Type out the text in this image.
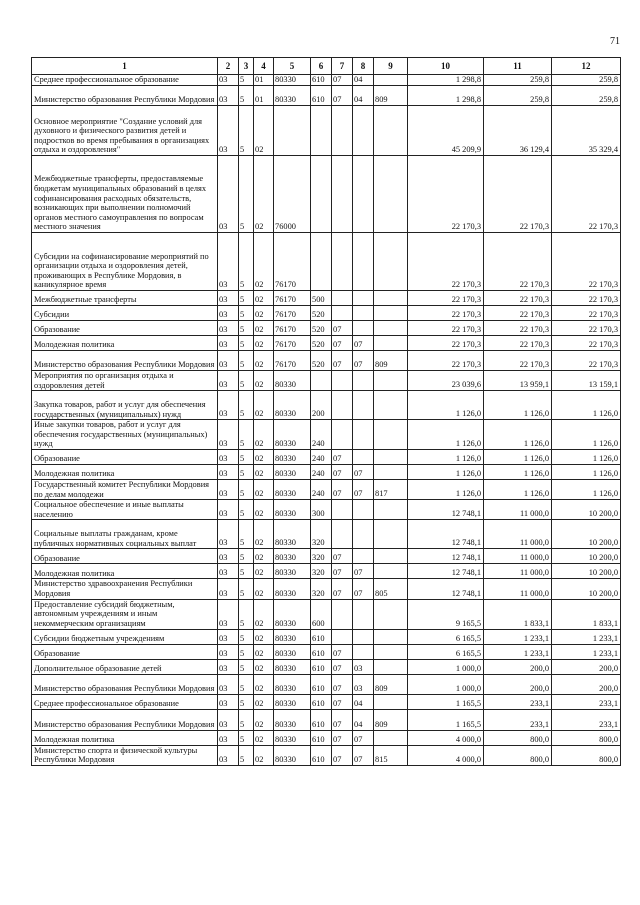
71
1	2	3	4	5	6	7	8	9	10	11	12
Среднее профессиональное образование	03	5	01	80330	610	07	04		1 298,8	259,8	259,8
Министерство образования Республики Мордовия	03	5	01	80330	610	07	04	809	1 298,8	259,8	259,8
Основное мероприятие "Создание условий для духовного и физического развития детей и подростков во время пребывания в организациях отдыха и оздоровления"	03	5	02						45 209,9	36 129,4	35 329,4
Межбюджетные трансферты, предоставляемые бюджетам муниципальных образований в целях софинансирования расходных обязательств, возникающих при выполнении полномочий органов местного самоуправления по вопросам местного значения	03	5	02	76000					22 170,3	22 170,3	22 170,3
Субсидии на софинансирование мероприятий по организации отдыха и оздоровления детей, проживающих в Республике Мордовия, в каникулярное время	03	5	02	76170					22 170,3	22 170,3	22 170,3
Межбюджетные трансферты	03	5	02	76170	500				22 170,3	22 170,3	22 170,3
Субсидии	03	5	02	76170	520				22 170,3	22 170,3	22 170,3
Образование	03	5	02	76170	520	07			22 170,3	22 170,3	22 170,3
Молодежная политика	03	5	02	76170	520	07	07		22 170,3	22 170,3	22 170,3
Министерство образования Республики Мордовия	03	5	02	76170	520	07	07	809	22 170,3	22 170,3	22 170,3
Мероприятия по организация отдыха и оздоровления детей	03	5	02	80330					23 039,6	13 959,1	13 159,1
Закупка товаров, работ и услуг для обеспечения государственных (муниципальных) нужд	03	5	02	80330	200				1 126,0	1 126,0	1 126,0
Иные закупки товаров, работ и услуг для обеспечения государственных (муниципальных) нужд	03	5	02	80330	240				1 126,0	1 126,0	1 126,0
Образование	03	5	02	80330	240	07			1 126,0	1 126,0	1 126,0
Молодежная политика	03	5	02	80330	240	07	07		1 126,0	1 126,0	1 126,0
Государственный комитет Республики Мордовия по делам молодежи	03	5	02	80330	240	07	07	817	1 126,0	1 126,0	1 126,0
Социальное обеспечение и иные выплаты населению	03	5	02	80330	300				12 748,1	11 000,0	10 200,0
Социальные выплаты гражданам, кроме публичных нормативных социальных выплат	03	5	02	80330	320				12 748,1	11 000,0	10 200,0
Образование	03	5	02	80330	320	07			12 748,1	11 000,0	10 200,0
Молодежная политика	03	5	02	80330	320	07	07		12 748,1	11 000,0	10 200,0
Министерство здравоохранения Республики Мордовия	03	5	02	80330	320	07	07	805	12 748,1	11 000,0	10 200,0
Предоставление субсидий бюджетным, автономным учреждениям и иным некоммерческим организациям	03	5	02	80330	600				9 165,5	1 833,1	1 833,1
Субсидии бюджетным учреждениям	03	5	02	80330	610				6 165,5	1 233,1	1 233,1
Образование	03	5	02	80330	610	07			6 165,5	1 233,1	1 233,1
Дополнительное образование детей	03	5	02	80330	610	07	03		1 000,0	200,0	200,0
Министерство образования Республики Мордовия	03	5	02	80330	610	07	03	809	1 000,0	200,0	200,0
Среднее профессиональное образование	03	5	02	80330	610	07	04		1 165,5	233,1	233,1
Министерство образования Республики Мордовия	03	5	02	80330	610	07	04	809	1 165,5	233,1	233,1
Молодежная политика	03	5	02	80330	610	07	07		4 000,0	800,0	800,0
Министерство спорта и физической культуры Республики Мордовия	03	5	02	80330	610	07	07	815	4 000,0	800,0	800,0
